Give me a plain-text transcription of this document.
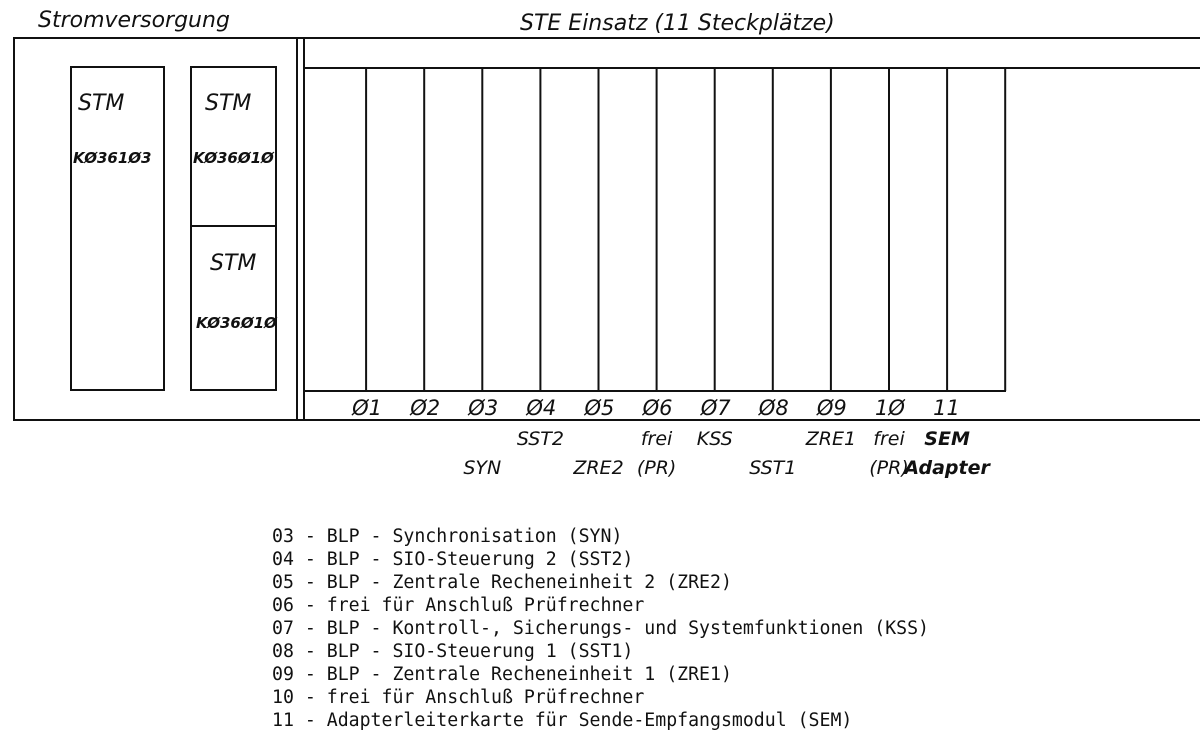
Stromversorgung	STE Einsatz (11 Steckplätze)
STM
KØ361Ø3
STM
KØ36Ø1Ø
STM
KØ36Ø1Ø
Ø1 Ø2 Ø3 Ø4 Ø5 Ø6 Ø7 Ø8 Ø9 1Ø 11
SYN
SST2
ZRE2
frei
(PR)
KSS
SST1
ZRE1 frei
(PR)
SEM
Adapter
03 - BLP - Synchronisation (SYN)
04 - BLP - SIO-Steuerung 2 (SST2)
05 - BLP - Zentrale Recheneinheit 2 (ZRE2)
06 - frei für Anschluß Prüfrechner
07 - BLP - Kontroll-, Sicherungs- und Systemfunktionen (KSS)
08 - BLP - SIO-Steuerung 1 (SST1)
09 - BLP - Zentrale Recheneinheit 1 (ZRE1)
10 - frei für Anschluß Prüfrechner
11 - Adapterleiterkarte für Sende-Empfangsmodul (SEM)
